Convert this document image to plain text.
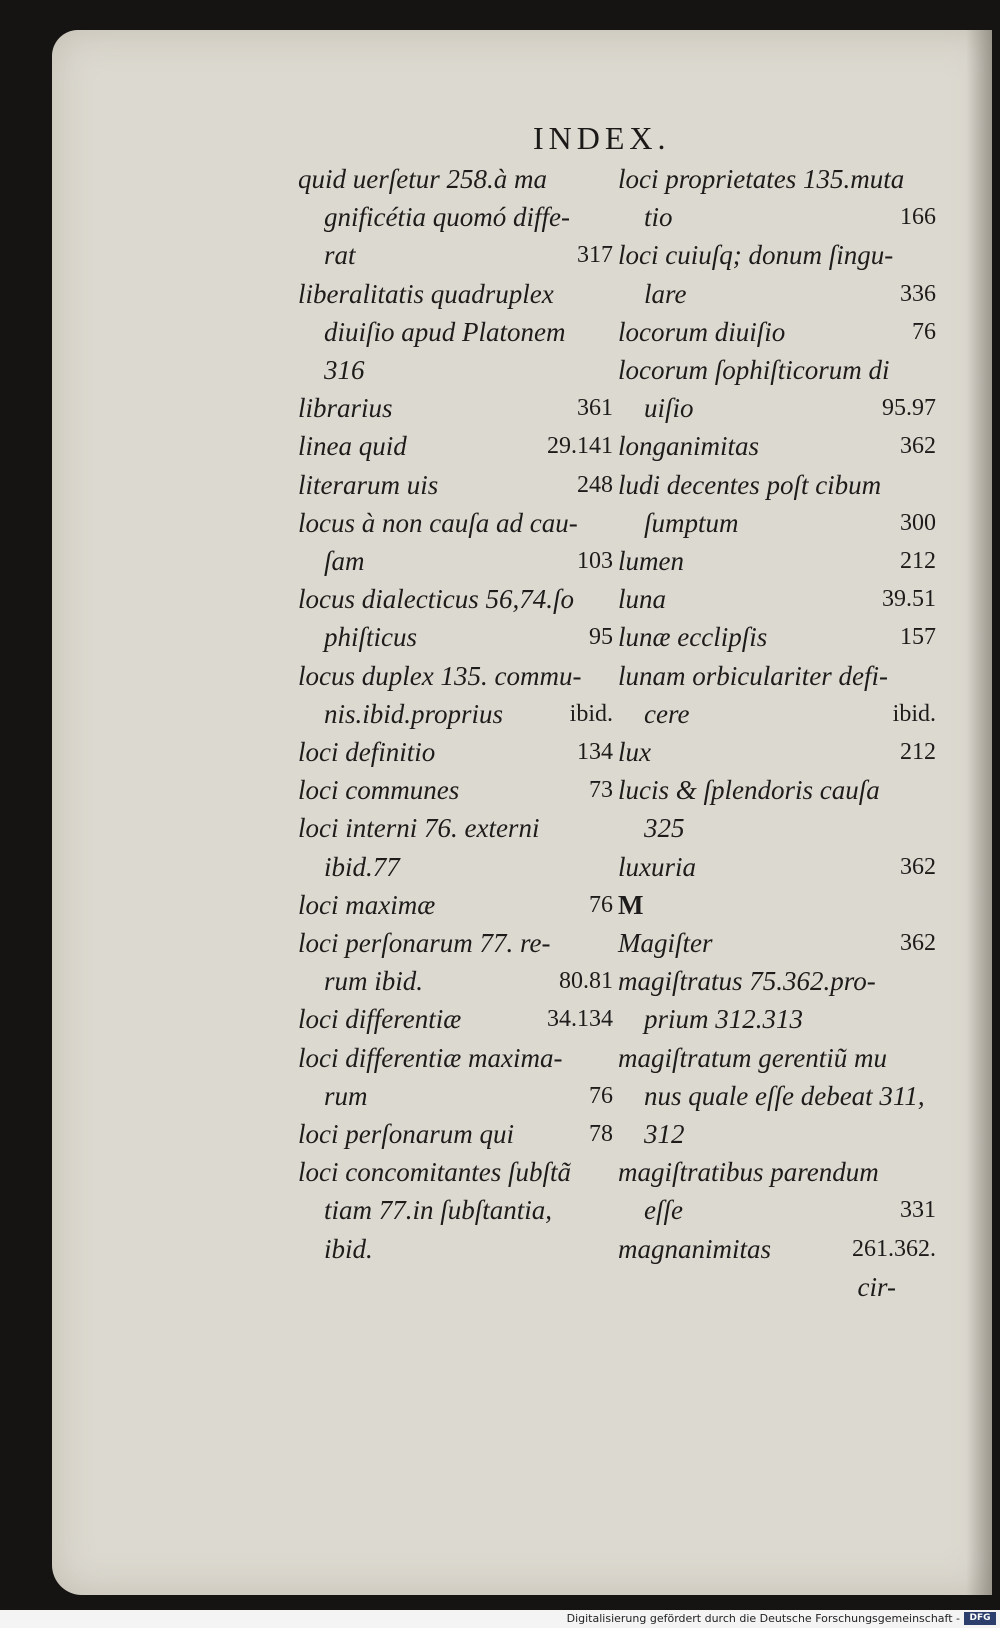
INDEX.
quid uerſetur 258.à ma
gnificétia quomó diffe-
rat	317
liberalitatis quadruplex
diuiſio apud Platonem
316
librarius	361
linea quid	29.141
literarum uis	248
locus à non cauſa ad cau-
ſam	103
locus dialecticus 56,74.ſo
phiſticus	95
locus duplex 135. commu-
nis.ibid.proprius	ibid.
loci definitio	134
loci communes	73
loci interni 76. externi
ibid.77
loci maximæ	76
loci perſonarum 77. re-
rum ibid.	80.81
loci differentiæ	34.134
loci differentiæ maxima-
rum	76
loci perſonarum qui	78
loci concomitantes ſubſtã
tiam 77.in ſubſtantia,
ibid.
loci proprietates 135.muta
tio	166
loci cuiuſq; donum ſingu-
lare	336
locorum diuiſio	76
locorum ſophiſticorum di
uiſio	95.97
longanimitas	362
ludi decentes poſt cibum
ſumptum	300
lumen	212
luna	39.51
lunæ ecclipſis	157
lunam orbiculariter defi-
cere	ibid.
lux	212
lucis & ſplendoris cauſa
325
luxuria	362
M
Magiſter	362
magiſtratus 75.362.pro-
prium 312.313
magiſtratum gerentiũ mu
nus quale eſſe debeat 311,
312
magiſtratibus parendum
eſſe	331
magnanimitas	261.362.
cir-
Digitalisierung gefördert durch die Deutsche Forschungsgemeinschaft -	DFG
